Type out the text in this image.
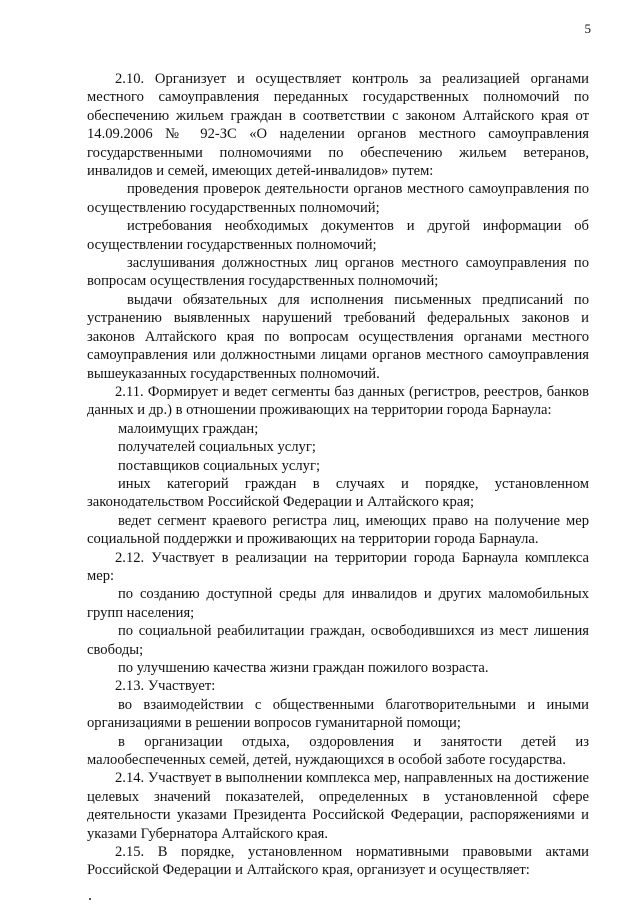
5

2.10. Организует и осуществляет контроль за реализацией органами местного самоуправления переданных государственных полномочий по обеспечению жильем граждан в соответствии с законом Алтайского края от 14.09.2006 № 92-ЗС «О наделении органов местного самоуправления государственными полномочиями по обеспечению жильем ветеранов, инвалидов и семей, имеющих детей-инвалидов» путем:

проведения проверок деятельности органов местного самоуправления по осуществлению государственных полномочий;

истребования необходимых документов и другой информации об осуществлении государственных полномочий;

заслушивания должностных лиц органов местного самоуправления по вопросам осуществления государственных полномочий;

выдачи обязательных для исполнения письменных предписаний по устранению выявленных нарушений требований федеральных законов и законов Алтайского края по вопросам осуществления органами местного самоуправления или должностными лицами органов местного самоуправления вышеуказанных государственных полномочий.

2.11. Формирует и ведет сегменты баз данных (регистров, реестров, банков данных и др.) в отношении проживающих на территории города Барнаула:

малоимущих граждан;

получателей социальных услуг;

поставщиков социальных услуг;

иных категорий граждан в случаях и порядке, установленном законодательством Российской Федерации и Алтайского края;

ведет сегмент краевого регистра лиц, имеющих право на получение мер социальной поддержки и проживающих на территории города Барнаула.

2.12. Участвует в реализации на территории города Барнаула комплекса мер:

по созданию доступной среды для инвалидов и других маломобильных групп населения;

по социальной реабилитации граждан, освободившихся из мест лишения свободы;

по улучшению качества жизни граждан пожилого возраста.

2.13. Участвует:

во взаимодействии с общественными благотворительными и иными организациями в решении вопросов гуманитарной помощи;

в организации отдыха, оздоровления и занятости детей из малообеспеченных семей, детей, нуждающихся в особой заботе государства.

2.14. Участвует в выполнении комплекса мер, направленных на достижение целевых значений показателей, определенных в установленной сфере деятельности указами Президента Российской Федерации, распоряжениями и указами Губернатора Алтайского края.

2.15. В порядке, установленном нормативными правовыми актами Российской Федерации и Алтайского края, организует и осуществляет:
